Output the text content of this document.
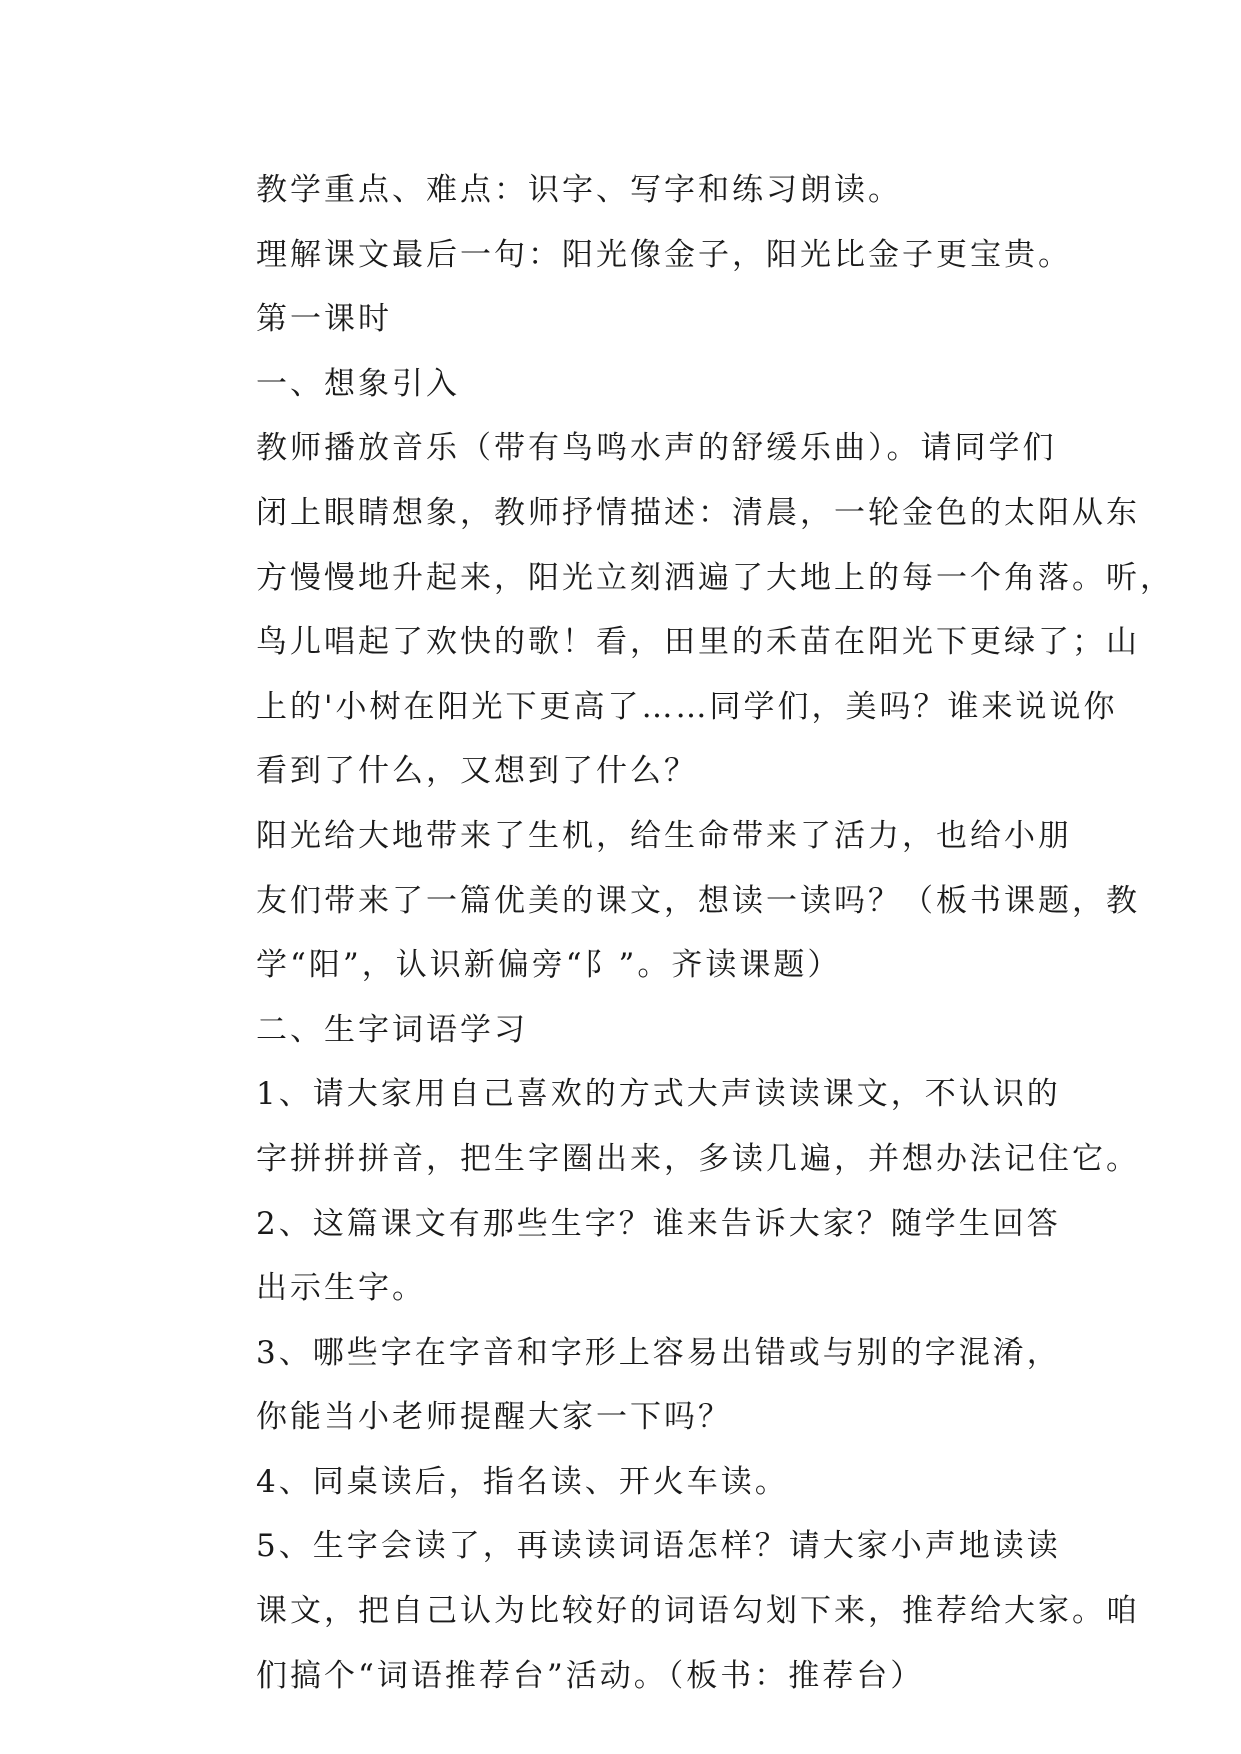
教学重点、难点：识字、写字和练习朗读。
理解课文最后一句：阳光像金子，阳光比金子更宝贵。
第一课时
一、想象引入
教师播放音乐（带有鸟鸣水声的舒缓乐曲）。请同学们
闭上眼睛想象，教师抒情描述：清晨，一轮金色的太阳从东
方慢慢地升起来，阳光立刻洒遍了大地上的每一个角落。听，
鸟儿唱起了欢快的歌！看，田里的禾苗在阳光下更绿了；山
上的'小树在阳光下更高了……同学们，美吗？谁来说说你
看到了什么，又想到了什么？
阳光给大地带来了生机，给生命带来了活力，也给小朋
友们带来了一篇优美的课文，想读一读吗？（板书课题，教
学“阳”，认识新偏旁“阝”。齐读课题）
二、生字词语学习
1、请大家用自己喜欢的方式大声读读课文，不认识的
字拼拼拼音，把生字圈出来，多读几遍，并想办法记住它。
2、这篇课文有那些生字？谁来告诉大家？随学生回答
出示生字。
3、哪些字在字音和字形上容易出错或与别的字混淆，
你能当小老师提醒大家一下吗？
4、同桌读后，指名读、开火车读。
5、生字会读了，再读读词语怎样？请大家小声地读读
课文，把自己认为比较好的词语勾划下来，推荐给大家。咱
们搞个“词语推荐台”活动。（板书：推荐台）
